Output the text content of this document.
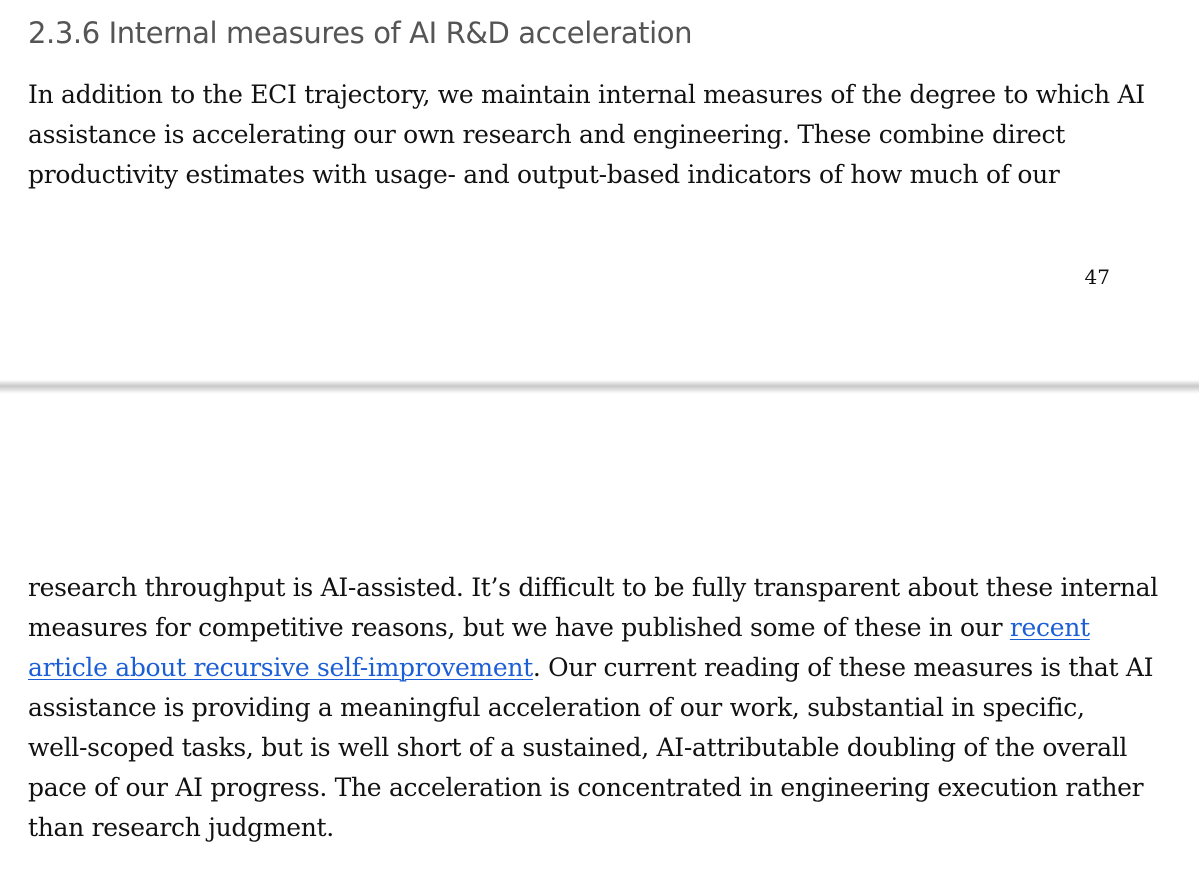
2.3.6 Internal measures of AI R&D acceleration

In addition to the ECI trajectory, we maintain internal measures of the degree to which AI
assistance is accelerating our own research and engineering. These combine direct
productivity estimates with usage- and output-based indicators of how much of our

47

research throughput is AI-assisted. It’s difficult to be fully transparent about these internal
measures for competitive reasons, but we have published some of these in our recent
article about recursive self-improvement. Our current reading of these measures is that AI
assistance is providing a meaningful acceleration of our work, substantial in specific,
well-scoped tasks, but is well short of a sustained, AI-attributable doubling of the overall
pace of our AI progress. The acceleration is concentrated in engineering execution rather
than research judgment.
